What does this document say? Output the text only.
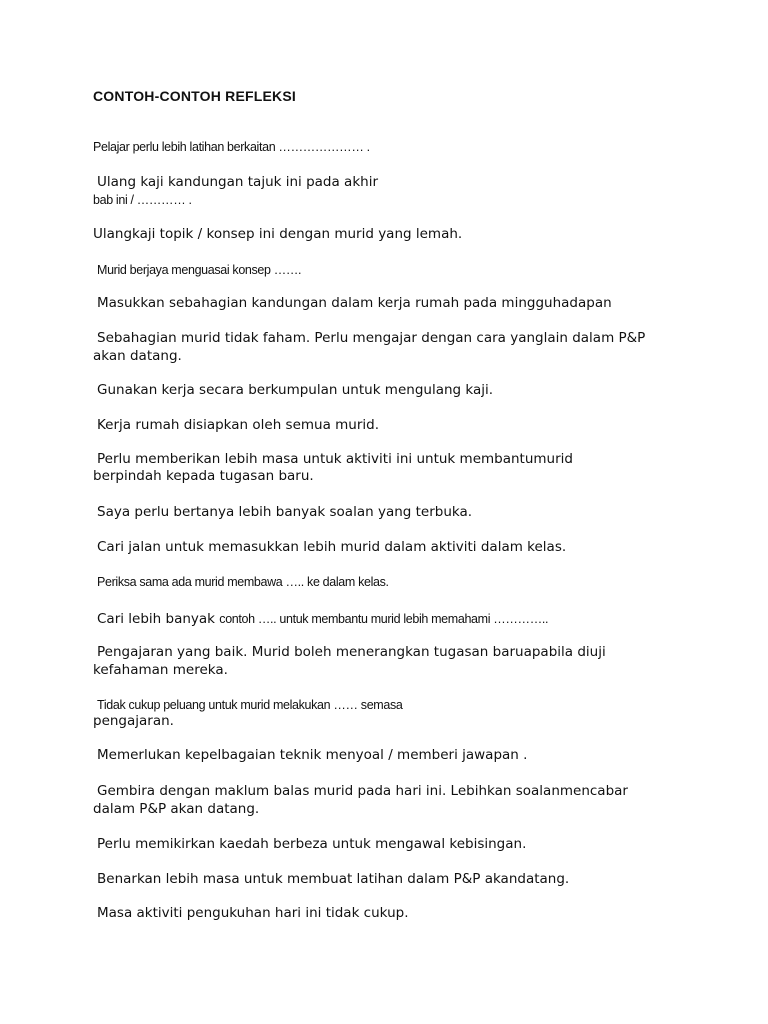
CONTOH-CONTOH REFLEKSI
Pelajar perlu lebih latihan berkaitan ………………… .
Ulang kaji kandungan tajuk ini pada akhir
bab ini / ………… .
Ulangkaji topik / konsep ini dengan murid yang lemah.
Murid berjaya menguasai konsep …….
Masukkan sebahagian kandungan dalam kerja rumah pada mingguhadapan
Sebahagian murid tidak faham. Perlu mengajar dengan cara yanglain dalam P&P
akan datang.
Gunakan kerja secara berkumpulan untuk mengulang kaji.
Kerja rumah disiapkan oleh semua murid.
Perlu memberikan lebih masa untuk aktiviti ini untuk membantumurid
berpindah kepada tugasan baru.
Saya perlu bertanya lebih banyak soalan yang terbuka.
Cari jalan untuk memasukkan lebih murid dalam aktiviti dalam kelas.
Periksa sama ada murid membawa ….. ke dalam kelas.
Cari lebih banyak contoh ….. untuk membantu murid lebih memahami …………..
Pengajaran yang baik. Murid boleh menerangkan tugasan baruapabila diuji
kefahaman mereka.
Tidak cukup peluang untuk murid melakukan …… semasa
pengajaran.
Memerlukan kepelbagaian teknik menyoal / memberi jawapan .
Gembira dengan maklum balas murid pada hari ini. Lebihkan soalanmencabar
dalam P&P akan datang.
Perlu memikirkan kaedah berbeza untuk mengawal kebisingan.
Benarkan lebih masa untuk membuat latihan dalam P&P akandatang.
Masa aktiviti pengukuhan hari ini tidak cukup.
